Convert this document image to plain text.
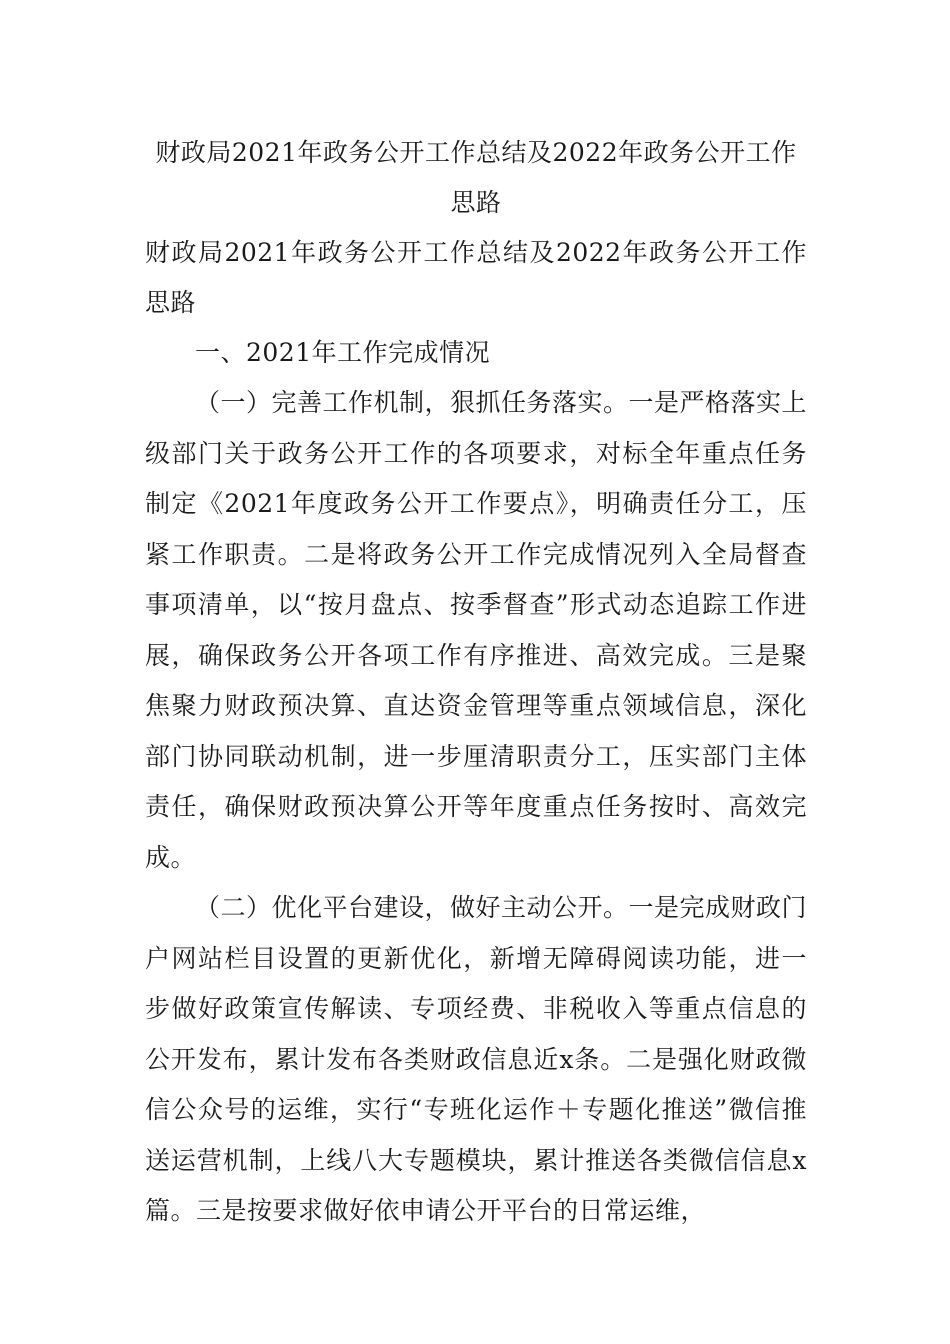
财政局2021年政务公开工作总结及2022年政务公开工作思路

财政局2021年政务公开工作总结及2022年政务公开工作思路

一、2021年工作完成情况

（一）完善工作机制，狠抓任务落实。一是严格落实上级部门关于政务公开工作的各项要求，对标全年重点任务制定《2021年度政务公开工作要点》，明确责任分工，压紧工作职责。二是将政务公开工作完成情况列入全局督查事项清单，以“按月盘点、按季督查”形式动态追踪工作进展，确保政务公开各项工作有序推进、高效完成。三是聚焦聚力财政预决算、直达资金管理等重点领域信息，深化部门协同联动机制，进一步厘清职责分工，压实部门主体责任，确保财政预决算公开等年度重点任务按时、高效完成。

（二）优化平台建设，做好主动公开。一是完成财政门户网站栏目设置的更新优化，新增无障碍阅读功能，进一步做好政策宣传解读、专项经费、非税收入等重点信息的公开发布，累计发布各类财政信息近x条。二是强化财政微信公众号的运维，实行“专班化运作＋专题化推送”微信推送运营机制，上线八大专题模块，累计推送各类微信信息x篇。三是按要求做好依申请公开平台的日常运维，
